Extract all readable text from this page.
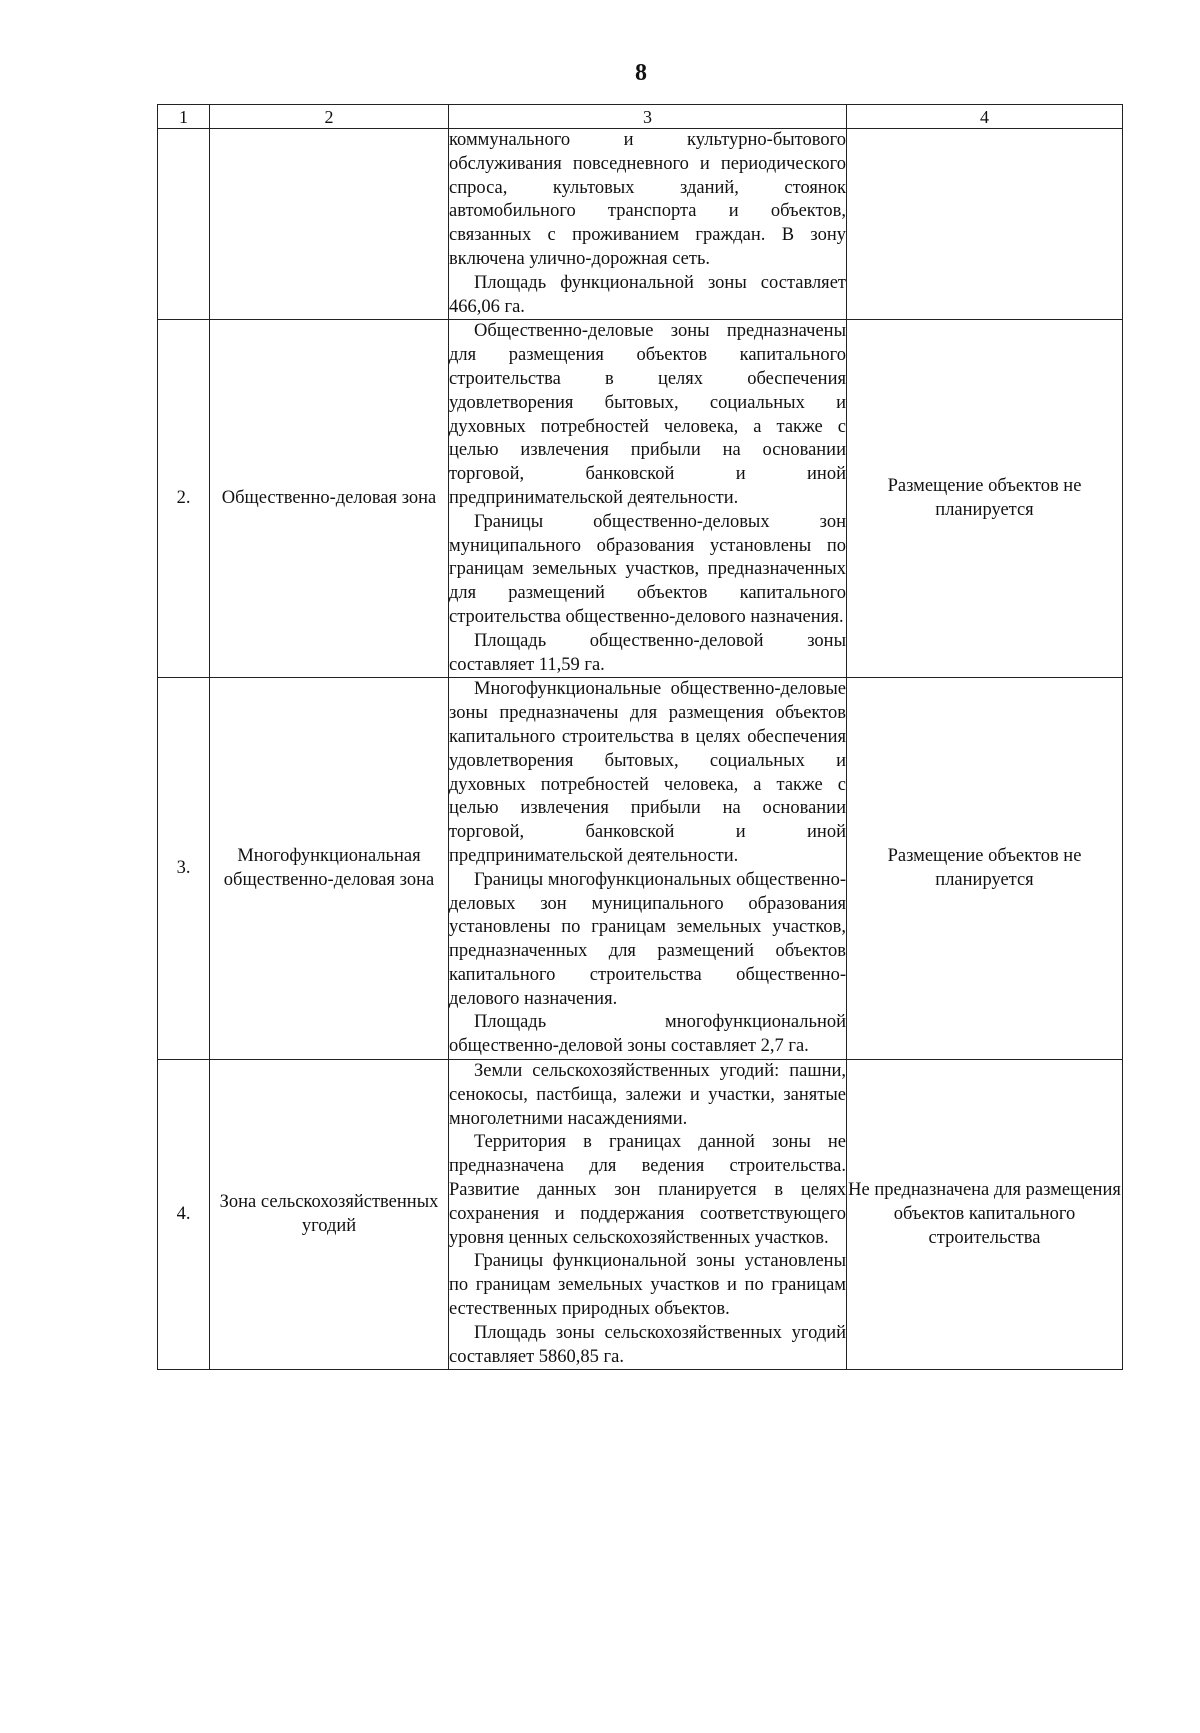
8
1	2	3	4

		коммунального и культурно-бытового обслуживания повседневного и периодического спроса, культовых зданий, стоянок автомобильного транспорта и объектов, связанных с проживанием граждан. В зону включена улично-дорожная сеть.

Площадь функциональной зоны составляет 466,06 га.	

2.	Общественно-деловая зона	Общественно-деловые зоны предназначены для размещения объектов капитального строительства в целях обеспечения удовлетворения бытовых, социальных и духовных потребностей человека, а также с целью извлечения прибыли на основании торговой, банковской и иной предпринимательской деятельности.

Границы общественно-деловых зон муниципального образования установлены по границам земельных участков, предназначенных для размещений объектов капитального строительства общественно-делового назначения.

Площадь общественно-деловой зоны составляет 11,59 га.	Размещение объектов не планируется
3.	Многофункциональная общественно-деловая зона	Многофункциональные общественно-деловые зоны предназначены для размещения объектов капитального строительства в целях обеспечения удовлетворения бытовых, социальных и духовных потребностей человека, а также с целью извлечения прибыли на основании торговой, банковской и иной предпринимательской деятельности.

Границы многофункциональных общественно-деловых зон муниципального образования установлены по границам земельных участков, предназначенных для размещений объектов капитального строительства общественно-делового назначения.

Площадь многофункциональной общественно-деловой зоны составляет 2,7 га.	Размещение объектов не планируется
4.	Зона сельскохозяйственных угодий	Земли сельскохозяйственных угодий: пашни, сенокосы, пастбища, залежи и участки, занятые многолетними насаждениями.

Территория в границах данной зоны не предназначена для ведения строительства. Развитие данных зон планируется в целях сохранения и поддержания соответствующего уровня ценных сельскохозяйственных участков.

Границы функциональной зоны установлены по границам земельных участков и по границам естественных природных объектов.

Площадь зоны сельскохозяйственных угодий составляет 5860,85 га.	Не предназначена для размещения объектов капитального строительства
